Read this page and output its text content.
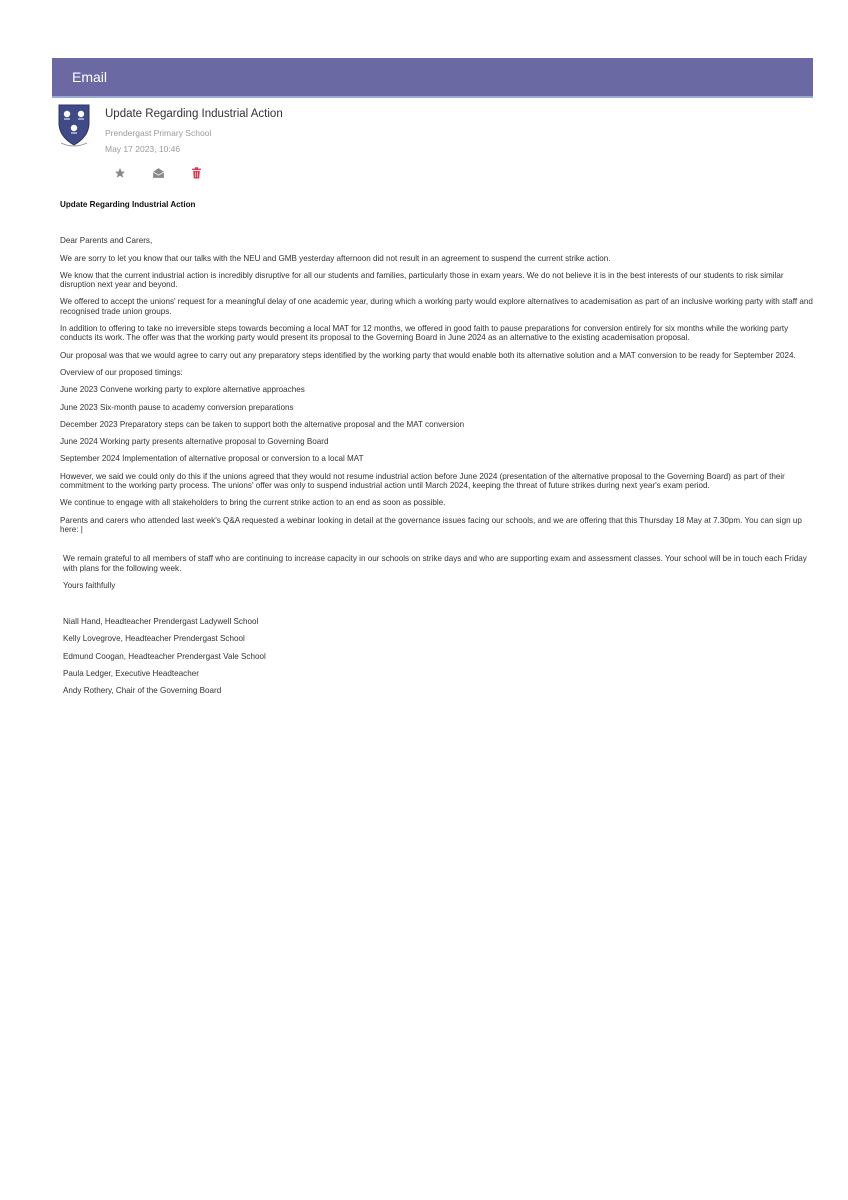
Email
Update Regarding Industrial Action
Prendergast Primary School
May 17 2023, 10:46

Update Regarding Industrial Action

Dear Parents and Carers,

We are sorry to let you know that our talks with the NEU and GMB yesterday afternoon did not result in an agreement to suspend the current strike action.

We know that the current industrial action is incredibly disruptive for all our students and families, particularly those in exam years. We do not believe it is in the best interests of our students to risk similar disruption next year and beyond.

We offered to accept the unions' request for a meaningful delay of one academic year, during which a working party would explore alternatives to academisation as part of an inclusive working party with staff and recognised trade union groups.

In addition to offering to take no irreversible steps towards becoming a local MAT for 12 months, we offered in good faith to pause preparations for conversion entirely for six months while the working party conducts its work. The offer was that the working party would present its proposal to the Governing Board in June 2024 as an alternative to the existing academisation proposal.

Our proposal was that we would agree to carry out any preparatory steps identified by the working party that would enable both its alternative solution and a MAT conversion to be ready for September 2024.

Overview of our proposed timings:

June 2023 Convene working party to explore alternative approaches

June 2023 Six-month pause to academy conversion preparations

December 2023 Preparatory steps can be taken to support both the alternative proposal and the MAT conversion

June 2024 Working party presents alternative proposal to Governing Board

September 2024 Implementation of alternative proposal or conversion to a local MAT

However, we said we could only do this if the unions agreed that they would not resume industrial action before June 2024 (presentation of the alternative proposal to the Governing Board) as part of their commitment to the working party process. The unions' offer was only to suspend industrial action until March 2024, keeping the threat of future strikes during next year's exam period.

We continue to engage with all stakeholders to bring the current strike action to an end as soon as possible.

Parents and carers who attended last week's Q&A requested a webinar looking in detail at the governance issues facing our schools, and we are offering that this Thursday 18 May at 7.30pm. You can sign up here: |

We remain grateful to all members of staff who are continuing to increase capacity in our schools on strike days and who are supporting exam and assessment classes. Your school will be in touch each Friday with plans for the following week.

Yours faithfully

Niall Hand, Headteacher Prendergast Ladywell School

Kelly Lovegrove, Headteacher Prendergast School

Edmund Coogan, Headteacher Prendergast Vale School

Paula Ledger, Executive Headteacher

Andy Rothery, Chair of the Governing Board
